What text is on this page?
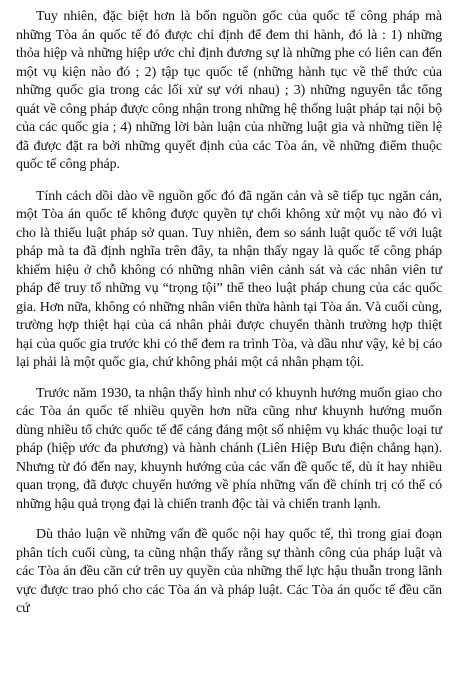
Tuy nhiên, đặc biệt hơn là bốn nguồn gốc của quốc tế công pháp mà những Tòa án quốc tế đó được chỉ định để đem thi hành, đó là : 1) những thỏa hiệp và những hiệp ước chỉ định đương sự là những phe có liên can đến một vụ kiện nào đó ; 2) tập tục quốc tế (những hành tục về thể thức của những quốc gia trong các lối xử sự với nhau) ; 3) những nguyên tắc tổng quát về công pháp được công nhận trong những hệ thống luật pháp tại nội bộ của các quốc gia ; 4) những lời bàn luận của những luật gia và những tiền lệ đã được đặt ra bởi những quyết định của các Tòa án, về những điểm thuộc quốc tế công pháp.

Tính cách dồi dào về nguồn gốc đó đã ngăn cản và sẽ tiếp tục ngăn cản, một Tòa án quốc tế không được quyền tự chối không xử một vụ nào đó vì cho là thiếu luật pháp sở quan. Tuy nhiên, đem so sánh luật quốc tế với luật pháp mà ta đã định nghĩa trên đây, ta nhận thấy ngay là quốc tế công pháp khiếm hiệu ở chỗ không có những nhân viên cảnh sát và các nhân viên tư pháp để truy tố những vụ “trọng tội” thể theo luật pháp chung của các quốc gia. Hơn nữa, không có những nhân viên thừa hành tại Tòa án. Và cuối cùng, trường hợp thiệt hại của cá nhân phải được chuyển thành trường hợp thiệt hại của quốc gia trước khi có thể đem ra trình Tòa, và dầu như vậy, kẻ bị cáo lại phải là một quốc gia, chứ không phải một cá nhân phạm tội.

Trước năm 1930, ta nhận thấy hình như có khuynh hướng muốn giao cho các Tòa án quốc tế nhiều quyền hơn nữa cũng như khuynh hướng muốn dùng nhiều tổ chức quốc tế để cáng đáng một số nhiệm vụ khác thuộc loại tư pháp (hiệp ước đa phương) và hành chánh (Liên Hiệp Bưu điện chẳng hạn). Nhưng từ đó đến nay, khuynh hướng của các vấn đề quốc tế, dù ít hay nhiều quan trọng, đã được chuyển hướng về phía những vấn đề chính trị có thể có những hậu quả trọng đại là chiến tranh độc tài và chiến tranh lạnh.

Dù thảo luận về những vấn đề quốc nội hay quốc tế, thì trong giai đoạn phân tích cuối cùng, ta cũng nhận thấy rằng sự thành công của pháp luật và các Tòa án đều căn cứ trên uy quyền của những thế lực hậu thuẫn trong lãnh vực được trao phó cho các Tòa án và pháp luật. Các Tòa án quốc tế đều căn cứ
